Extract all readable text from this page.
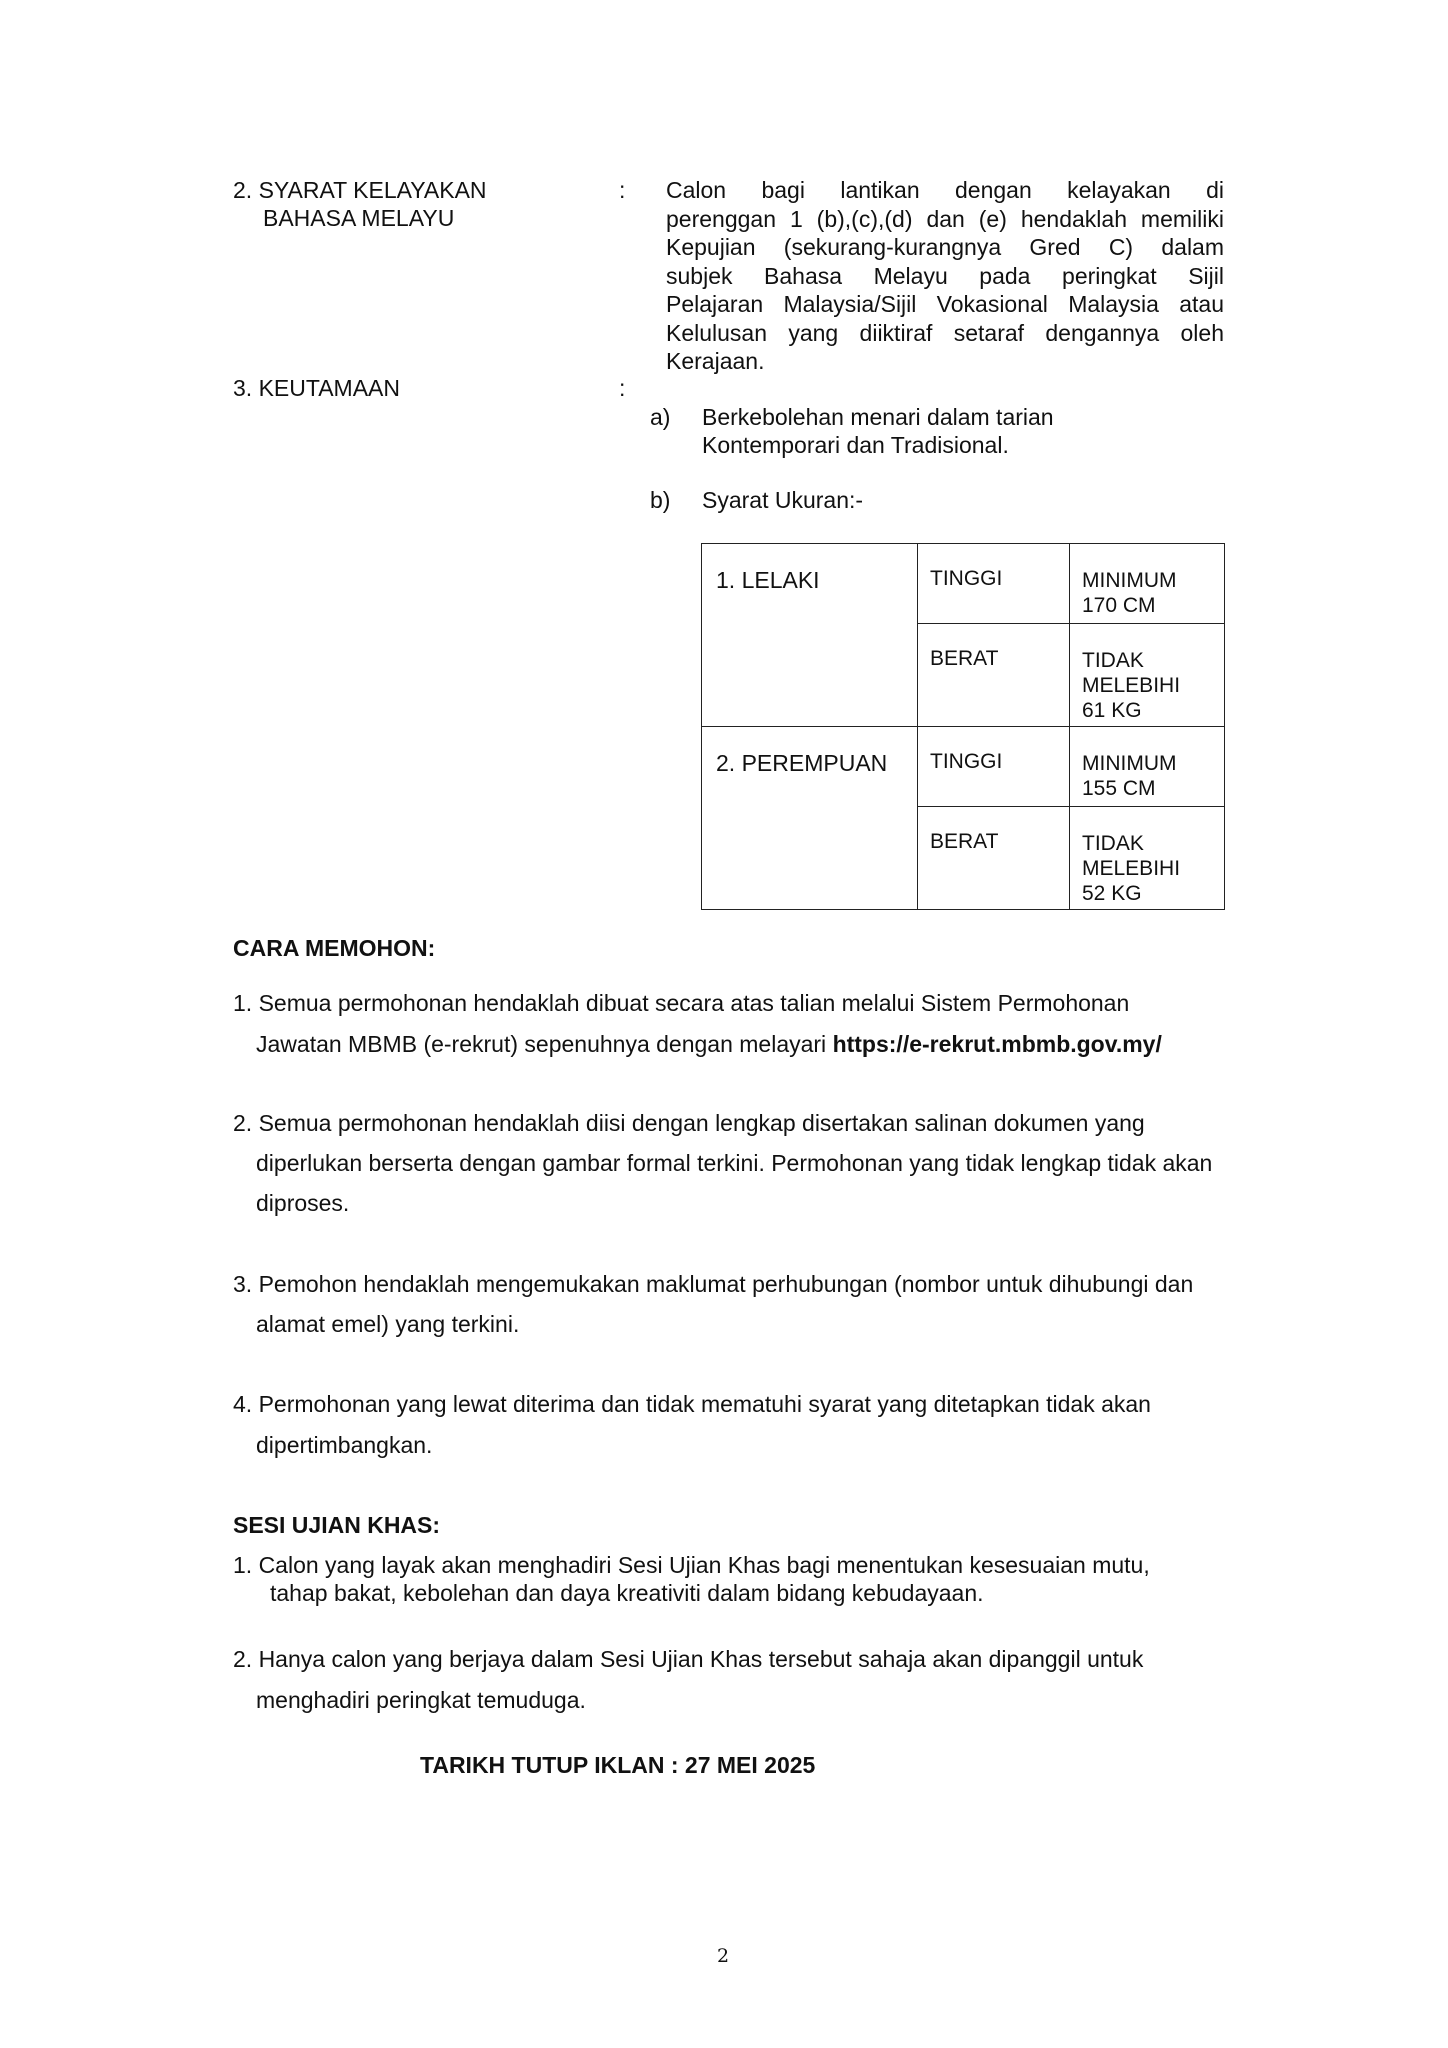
2. SYARAT KELAYAKAN
BAHASA MELAYU
: Calon bagi lantikan dengan kelayakan di
perenggan 1 (b),(c),(d) dan (e) hendaklah memiliki
Kepujian (sekurang-kurangnya Gred C) dalam
subjek Bahasa Melayu pada peringkat Sijil
Pelajaran Malaysia/Sijil Vokasional Malaysia atau
Kelulusan yang diiktiraf setaraf dengannya oleh
Kerajaan.
3. KEUTAMAAN	:
a) Berkebolehan menari dalam tarian
Kontemporari dan Tradisional.
b) Syarat Ukuran:-
1. LELAKI	TINGGI	MINIMUM
170 CM
	BERAT	TIDAK
MELEBIHI
61 KG
2. PEREMPUAN	TINGGI	MINIMUM
155 CM
	BERAT	TIDAK
MELEBIHI
52 KG
CARA MEMOHON:
1. Semua permohonan hendaklah dibuat secara atas talian melalui Sistem Permohonan
Jawatan MBMB (e-rekrut) sepenuhnya dengan melayari https://e-rekrut.mbmb.gov.my/
2. Semua permohonan hendaklah diisi dengan lengkap disertakan salinan dokumen yang
diperlukan berserta dengan gambar formal terkini. Permohonan yang tidak lengkap tidak akan
diproses.
3. Pemohon hendaklah mengemukakan maklumat perhubungan (nombor untuk dihubungi dan
alamat emel) yang terkini.
4. Permohonan yang lewat diterima dan tidak mematuhi syarat yang ditetapkan tidak akan
dipertimbangkan.
SESI UJIAN KHAS:
1. Calon yang layak akan menghadiri Sesi Ujian Khas bagi menentukan kesesuaian mutu,
tahap bakat, kebolehan dan daya kreativiti dalam bidang kebudayaan.
2. Hanya calon yang berjaya dalam Sesi Ujian Khas tersebut sahaja akan dipanggil untuk
menghadiri peringkat temuduga.
TARIKH TUTUP IKLAN : 27 MEI 2025
2
